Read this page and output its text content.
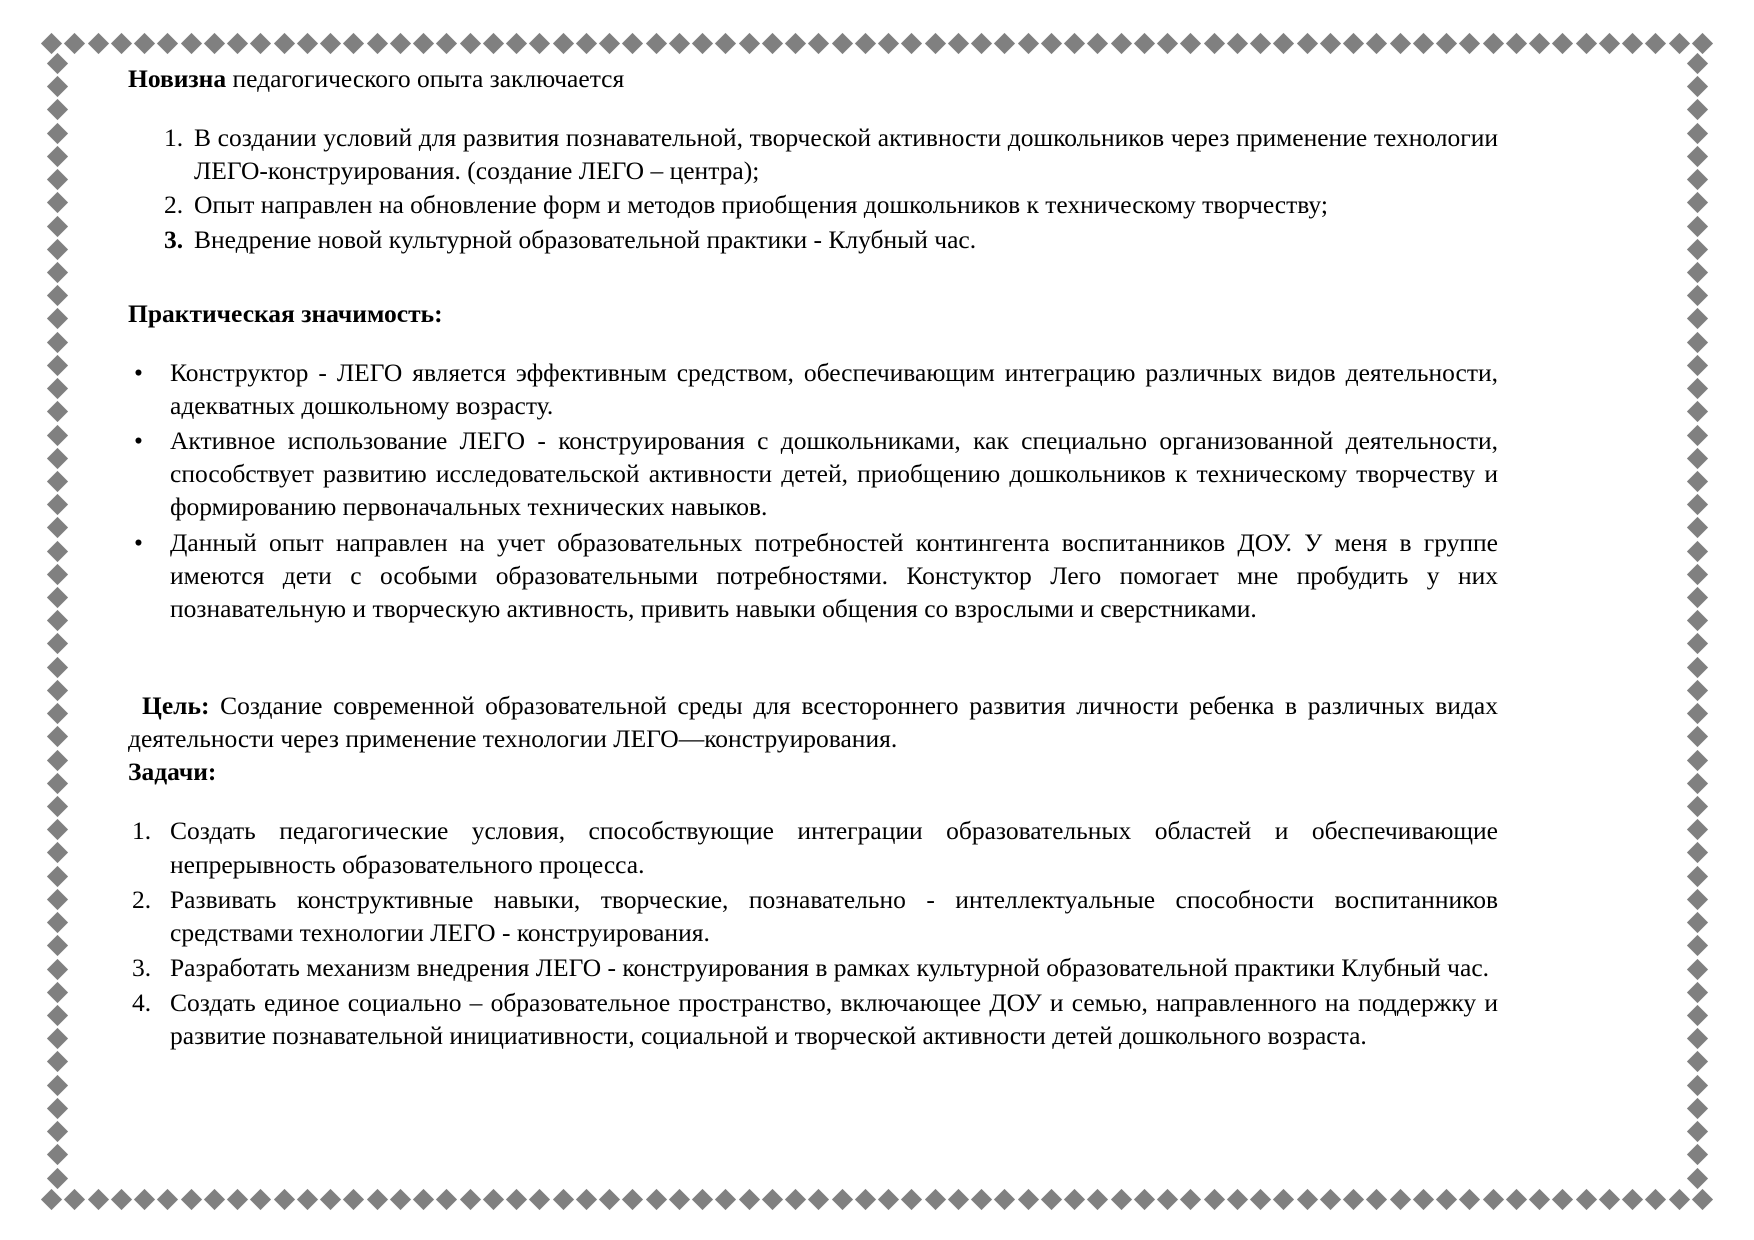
Новизна педагогического опыта заключается

1. В создании условий для развития познавательной, творческой активности дошкольников через применение технологии ЛЕГО-конструирования. (создание ЛЕГО – центра);
2. Опыт направлен на обновление форм и методов приобщения дошкольников к техническому творчеству;
3. Внедрение новой культурной образовательной практики - Клубный час.

Практическая значимость:

• Конструктор - ЛЕГО является эффективным средством, обеспечивающим интеграцию различных видов деятельности, адекватных дошкольному возрасту.
• Активное использование ЛЕГО - конструирования с дошкольниками, как специально организованной деятельности, способствует развитию исследовательской активности детей, приобщению дошкольников к техническому творчеству и формированию первоначальных технических навыков.
• Данный опыт направлен на учет образовательных потребностей контингента воспитанников ДОУ. У меня в группе имеются дети с особыми образовательными потребностями. Констуктор Лего помогает мне пробудить у них познавательную и творческую активность, привить навыки общения со взрослыми и сверстниками.

Цель: Создание современной образовательной среды для всестороннего развития личности ребенка в различных видах деятельности через применение технологии ЛЕГО—конструирования.

Задачи:

1. Создать педагогические условия, способствующие интеграции образовательных областей и обеспечивающие непрерывность образовательного процесса.
2. Развивать конструктивные навыки, творческие, познавательно - интеллектуальные способности воспитанников средствами технологии ЛЕГО - конструирования.
3. Разработать механизм внедрения ЛЕГО - конструирования в рамках культурной образовательной практики Клубный час.
4. Создать единое социально – образовательное пространство, включающее ДОУ и семью, направленного на поддержку и развитие познавательной инициативности, социальной и творческой активности детей дошкольного возраста.
